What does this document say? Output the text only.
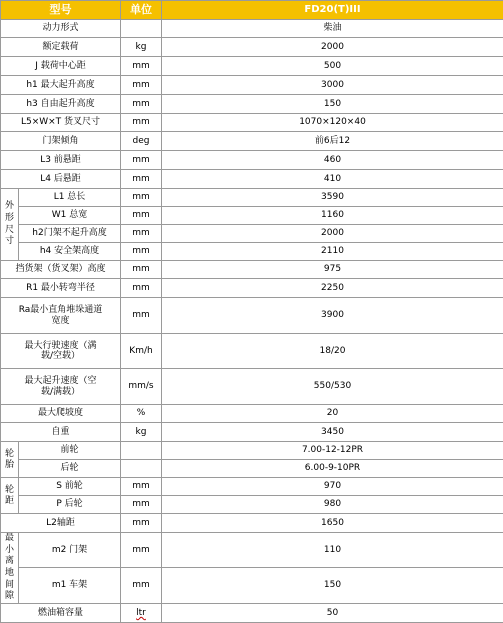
型号		单位	FD20(T)III
动力形式			柴油
额定载荷		kg	2000
J 载荷中心距		mm	500
h1 最大起升高度		mm	3000
h3 自由起升高度		mm	150
L5×W×T 货叉尺寸		mm	1070×120×40
门架倾角		deg	前6后12
L3 前悬距		mm	460
L4 后悬距		mm	410
外
形
尺
寸	L1 总长	mm	3590
	W1 总宽	mm	1160
	h2门架不起升高度	mm	2000
	h4 安全架高度	mm	2110
挡货架（货叉架）高度		mm	975
R1 最小转弯半径		mm	2250
Ra最小直角堆垛通道宽度		mm	3900
最大行驶速度（满载/空载）		Km/h	18/20
最大起升速度（空载/满载）		mm/s	550/530
最大爬坡度		%	20
自重		kg	3450
轮胎	前轮		7.00-12-12PR
	后轮		6.00-9-10PR
轮距	S 前轮	mm	970
	P 后轮	mm	980
L2轴距		mm	1650
最小离地间隙	m2 门架	mm	110
	m1 车架	mm	150
燃油箱容量		ltr	50
